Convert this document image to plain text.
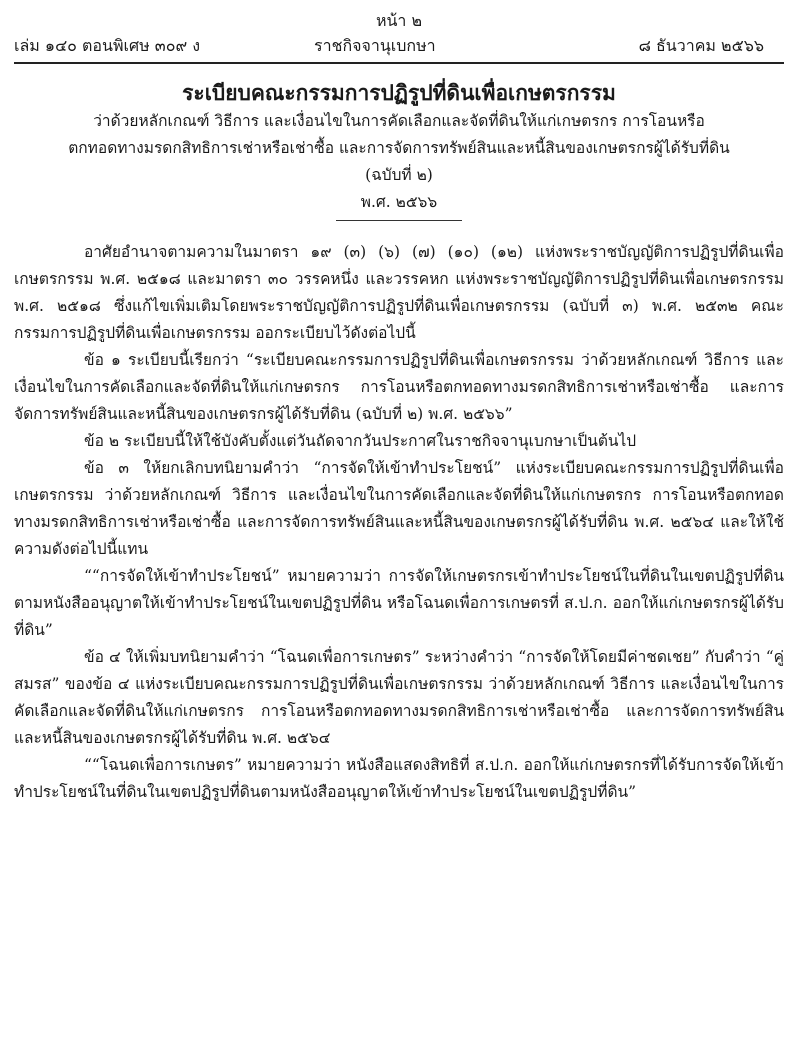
หน้า ๒
เล่ม ๑๔๐ ตอนพิเศษ ๓๐๙ ง	ราชกิจจานุเบกษา	๘ ธันวาคม ๒๕๖๖
ระเบียบคณะกรรมการปฏิรูปที่ดินเพื่อเกษตรกรรม
ว่าด้วยหลักเกณฑ์ วิธีการ และเงื่อนไขในการคัดเลือกและจัดที่ดินให้แก่เกษตรกร การโอนหรือ
ตกทอดทางมรดกสิทธิการเช่าหรือเช่าซื้อ และการจัดการทรัพย์สินและหนี้สินของเกษตรกรผู้ได้รับที่ดิน
(ฉบับที่ ๒)
พ.ศ. ๒๕๖๖

อาศัยอำนาจตามความในมาตรา ๑๙ (๓) (๖) (๗) (๑๐) (๑๒) แห่งพระราชบัญญัติการปฏิรูปที่ดินเพื่อเกษตรกรรม พ.ศ. ๒๕๑๘ และมาตรา ๓๐ วรรคหนึ่ง และวรรคหก แห่งพระราชบัญญัติการปฏิรูปที่ดินเพื่อเกษตรกรรม พ.ศ. ๒๕๑๘ ซึ่งแก้ไขเพิ่มเติมโดยพระราชบัญญัติการปฏิรูปที่ดินเพื่อเกษตรกรรม (ฉบับที่ ๓) พ.ศ. ๒๕๓๒ คณะกรรมการปฏิรูปที่ดินเพื่อเกษตรกรรม ออกระเบียบไว้ดังต่อไปนี้

ข้อ ๑ ระเบียบนี้เรียกว่า “ระเบียบคณะกรรมการปฏิรูปที่ดินเพื่อเกษตรกรรม ว่าด้วยหลักเกณฑ์ วิธีการ และเงื่อนไขในการคัดเลือกและจัดที่ดินให้แก่เกษตรกร การโอนหรือตกทอดทางมรดกสิทธิการเช่าหรือเช่าซื้อ และการจัดการทรัพย์สินและหนี้สินของเกษตรกรผู้ได้รับที่ดิน (ฉบับที่ ๒) พ.ศ. ๒๕๖๖”

ข้อ ๒ ระเบียบนี้ให้ใช้บังคับตั้งแต่วันถัดจากวันประกาศในราชกิจจานุเบกษาเป็นต้นไป

ข้อ ๓ ให้ยกเลิกบทนิยามคำว่า “การจัดให้เข้าทำประโยชน์” แห่งระเบียบคณะกรรมการปฏิรูปที่ดินเพื่อเกษตรกรรม ว่าด้วยหลักเกณฑ์ วิธีการ และเงื่อนไขในการคัดเลือกและจัดที่ดินให้แก่เกษตรกร การโอนหรือตกทอดทางมรดกสิทธิการเช่าหรือเช่าซื้อ และการจัดการทรัพย์สินและหนี้สินของเกษตรกรผู้ได้รับที่ดิน พ.ศ. ๒๕๖๔ และให้ใช้ความดังต่อไปนี้แทน

““การจัดให้เข้าทำประโยชน์” หมายความว่า การจัดให้เกษตรกรเข้าทำประโยชน์ในที่ดินในเขตปฏิรูปที่ดินตามหนังสืออนุญาตให้เข้าทำประโยชน์ในเขตปฏิรูปที่ดิน หรือโฉนดเพื่อการเกษตรที่ ส.ป.ก. ออกให้แก่เกษตรกรผู้ได้รับที่ดิน”

ข้อ ๔ ให้เพิ่มบทนิยามคำว่า “โฉนดเพื่อการเกษตร” ระหว่างคำว่า “การจัดให้โดยมีค่าชดเชย” กับคำว่า “คู่สมรส” ของข้อ ๔ แห่งระเบียบคณะกรรมการปฏิรูปที่ดินเพื่อเกษตรกรรม ว่าด้วยหลักเกณฑ์ วิธีการ และเงื่อนไขในการคัดเลือกและจัดที่ดินให้แก่เกษตรกร การโอนหรือตกทอดทางมรดกสิทธิการเช่าหรือเช่าซื้อ และการจัดการทรัพย์สินและหนี้สินของเกษตรกรผู้ได้รับที่ดิน พ.ศ. ๒๕๖๔

““โฉนดเพื่อการเกษตร” หมายความว่า หนังสือแสดงสิทธิที่ ส.ป.ก. ออกให้แก่เกษตรกรที่ได้รับการจัดให้เข้าทำประโยชน์ในที่ดินในเขตปฏิรูปที่ดินตามหนังสืออนุญาตให้เข้าทำประโยชน์ในเขตปฏิรูปที่ดิน”
